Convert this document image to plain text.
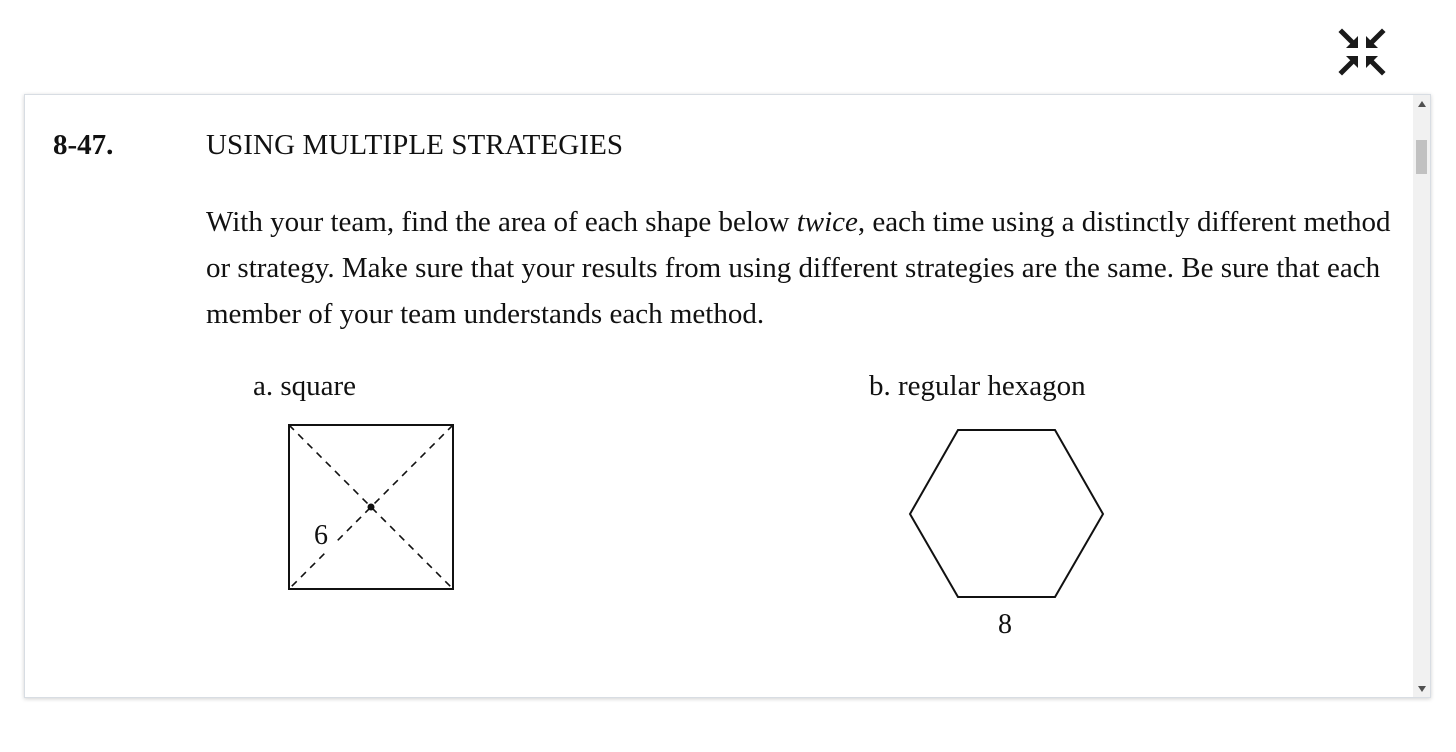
8-47.	USING MULTIPLE STRATEGIES

With your team, find the area of each shape below twice, each time using a distinctly different method or strategy. Make sure that your results from using different strategies are the same. Be sure that each member of your team understands each method.

a. square	b. regular hexagon
6
8
